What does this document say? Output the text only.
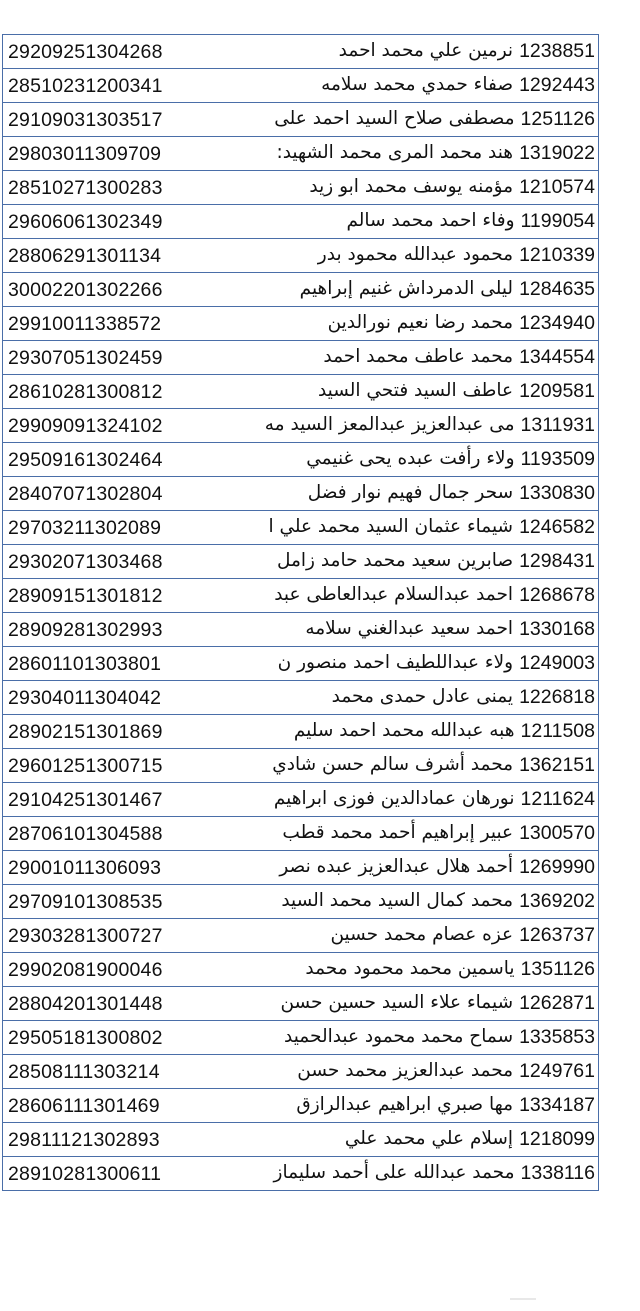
29209251304268	نرمين علي محمد احمد 1238851
28510231200341	صفاء حمدي محمد سلامه 1292443
29109031303517	مصطفى صلاح السيد احمد على 1251126
29803011309709	هند محمد المرى محمد الشهيد: 1319022
28510271300283	مؤمنه يوسف محمد ابو زيد 1210574
29606061302349	وفاء احمد محمد سالم 1199054
28806291301134	محمود عبدالله محمود بدر 1210339
30002201302266	ليلى الدمرداش غنيم إبراهيم 1284635
29910011338572	محمد رضا نعيم نورالدين 1234940
29307051302459	محمد عاطف محمد احمد 1344554
28610281300812	عاطف السيد فتحي السيد 1209581
29909091324102	مى عبدالعزيز عبدالمعز السيد مه 1311931
29509161302464	ولاء رأفت عبده يحى غنيمي 1193509
28407071302804	سحر جمال فهيم نوار فضل 1330830
29703211302089	شيماء عثمان السيد محمد علي ا 1246582
29302071303468	صابرين سعيد محمد حامد زامل 1298431
28909151301812	احمد عبدالسلام عبدالعاطى عبد 1268678
28909281302993	احمد سعيد عبدالغني سلامه 1330168
28601101303801	ولاء عبداللطيف احمد منصور ن 1249003
29304011304042	يمنى عادل حمدى محمد 1226818
28902151301869	هبه عبدالله محمد احمد سليم 1211508
29601251300715	محمد أشرف سالم حسن شادي 1362151
29104251301467	نورهان عمادالدين فوزى ابراهيم 1211624
28706101304588	عبير إبراهيم أحمد محمد قطب 1300570
29001011306093	أحمد هلال عبدالعزيز عبده نصر 1269990
29709101308535	محمد كمال السيد محمد السيد 1369202
29303281300727	عزه عصام محمد حسين 1263737
29902081900046	ياسمين محمد محمود محمد 1351126
28804201301448	شيماء علاء السيد حسين حسن 1262871
29505181300802	سماح محمد محمود عبدالحميد 1335853
28508111303214	محمد عبدالعزيز محمد حسن 1249761
28606111301469	مها صبري ابراهيم عبدالرازق 1334187
29811121302893	إسلام علي محمد علي 1218099
28910281300611	محمد عبدالله على أحمد سليماز 1338116
